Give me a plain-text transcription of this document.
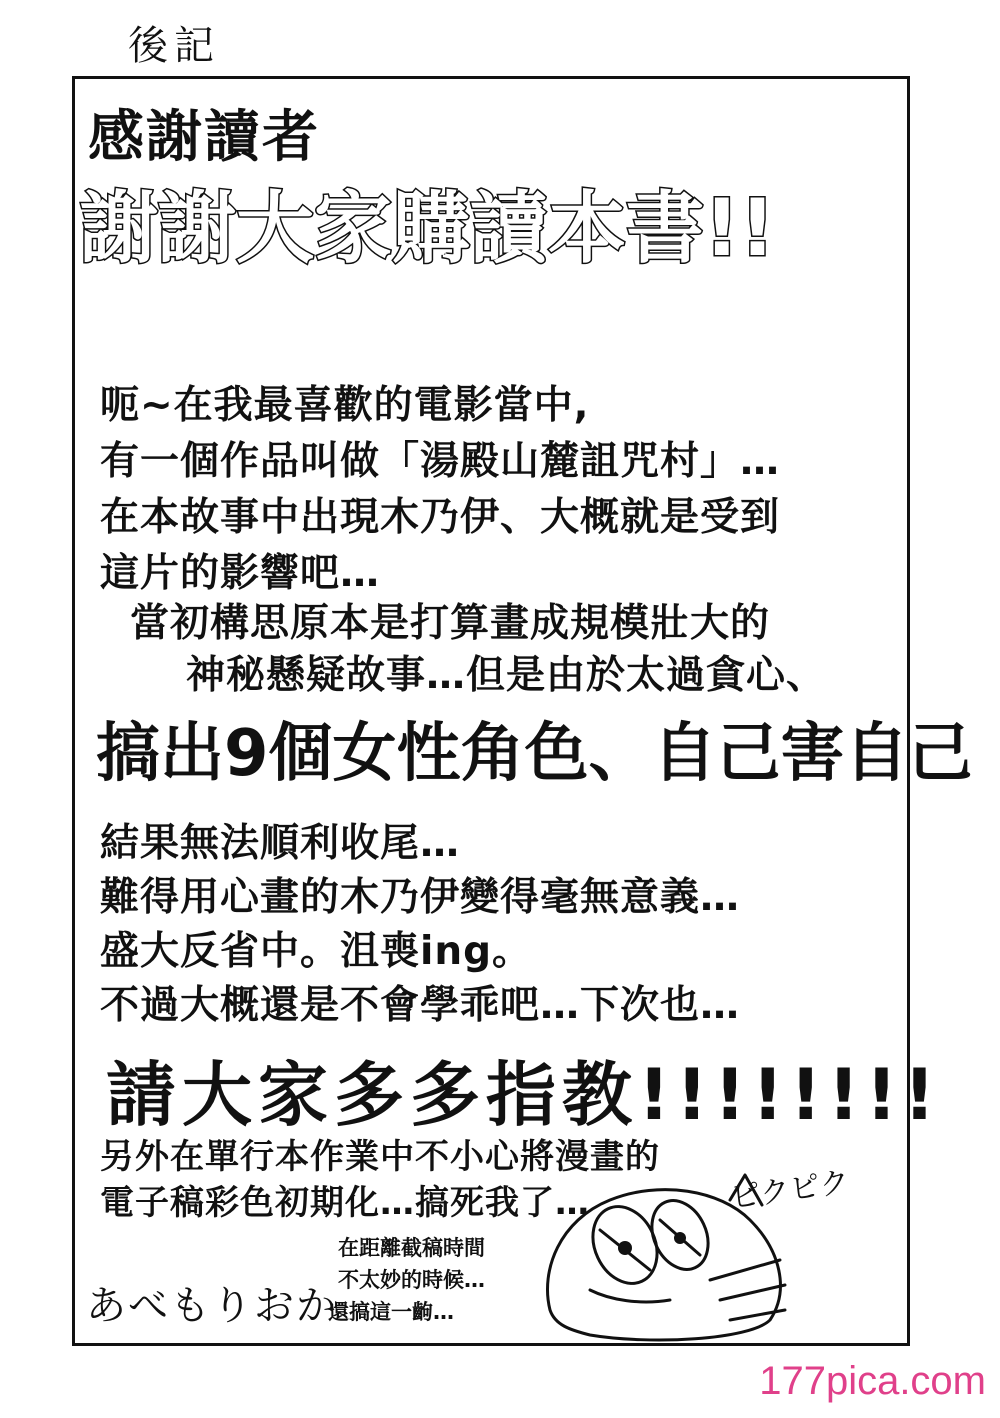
後記
感謝讀者
謝謝大家購讀本書!!
呃~在我最喜歡的電影當中,
有一個作品叫做「湯殿山麓詛咒村」…
在本故事中出現木乃伊、大概就是受到
這片的影響吧…
當初構思原本是打算畫成規模壯大的
神秘懸疑故事…但是由於太過貪心、
搞出9個女性角色、自己害自己
結果無法順利收尾…
難得用心畫的木乃伊變得毫無意義…
盛大反省中。沮喪ing。
不過大概還是不會學乖吧…下次也…
請大家多多指教!!!!!!!!
另外在單行本作業中不小心將漫畫的
電子稿彩色初期化…搞死我了…
在距離截稿時間
不太妙的時候…
還搞這一齣…
ピクピク
あべもりおか
177pica.com
